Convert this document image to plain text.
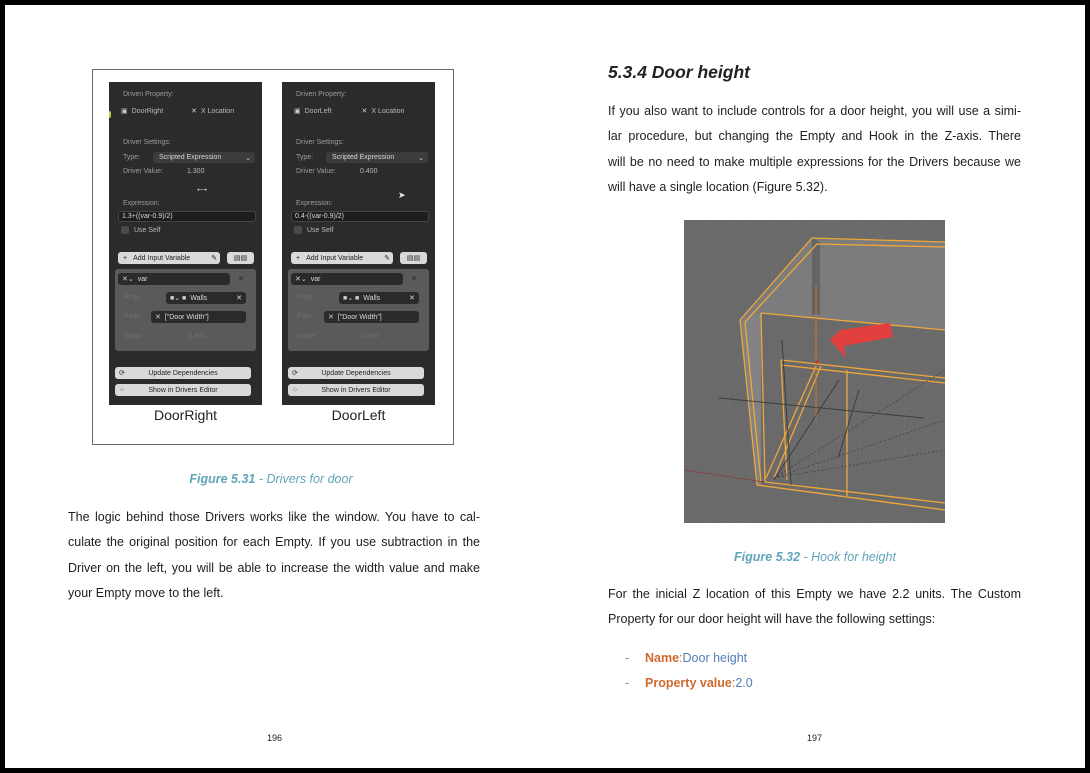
Driven Property:
▣ DoorRight	✕ X Location
Driver Settings:
Type:	Scripted Expression	⌄
Driver Value:	1.300
⟷
Expression:
1.3+((var-0.9)/2)
Use Self
+ Add Input Variable	✎ ▤▤
✕⌄ var	✕
Prop:	■⌄ ■ Walls	✕
Path:	✕ ["Door Width"]
Value:	0.900
⟳	Update Dependencies
⁘	Show in Drivers Editor
DoorRight
Driven Property:
▣ DoorLeft	✕ X Location
Driver Settings:
Type:	Scripted Expression	⌄
Driver Value:	0.400
➤
Expression:
0.4-((var-0.9)/2)
Use Self
+ Add Input Variable	✎ ▤▤
✕⌄ var	✕
Prop:	■⌄ ■ Walls	✕
Path:	✕ ["Door Width"]
Value:	0.900
⟳	Update Dependencies
⁘	Show in Drivers Editor
DoorLeft
Figure 5.31 - Drivers for door
The logic behind those Drivers works like the window. You have to cal-
culate the original position for each Empty. If you use subtraction in the
Driver on the left, you will be able to increase the width value and make
your Empty move to the left.
196
5.3.4 Door height
If you also want to include controls for a door height, you will use a simi-
lar procedure, but changing the Empty and Hook in the Z-axis. There
will be no need to make multiple expressions for the Drivers because we
will have a single location (Figure 5.32).
Figure 5.32 - Hook for height
For the inicial Z location of this Empty we have 2.2 units. The Custom
Property for our door height will have the following settings:
-	Name : Door height
-	Property value : 2.0
197
